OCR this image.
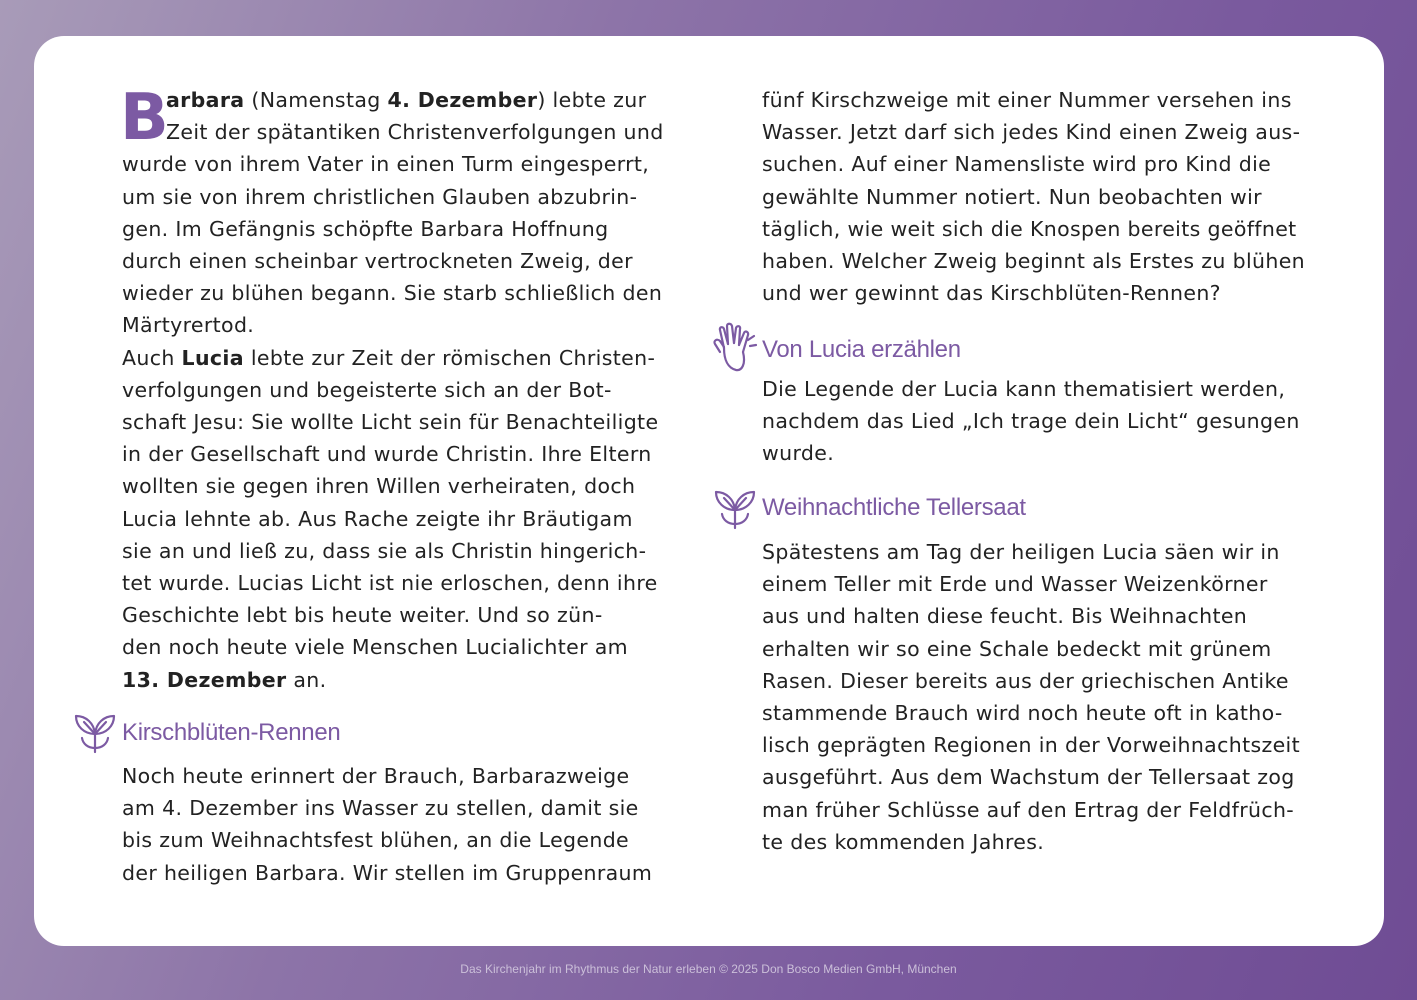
B

arbara (Namenstag 4. Dezember) lebte zur

Zeit der spätantiken Christenverfolgungen und

wurde von ihrem Vater in einen Turm eingesperrt,

um sie von ihrem christlichen Glauben abzubrin-

gen. Im Gefängnis schöpfte Barbara Hoffnung

durch einen scheinbar vertrockneten Zweig, der

wieder zu blühen begann. Sie starb schließlich den

Märtyrertod.

Auch Lucia lebte zur Zeit der römischen Christen-

verfolgungen und begeisterte sich an der Bot-

schaft Jesu: Sie wollte Licht sein für Benachteiligte

in der Gesellschaft und wurde Christin. Ihre Eltern

wollten sie gegen ihren Willen verheiraten, doch

Lucia lehnte ab. Aus Rache zeigte ihr Bräutigam

sie an und ließ zu, dass sie als Christin hingerich-

tet wurde. Lucias Licht ist nie erloschen, denn ihre

Geschichte lebt bis heute weiter. Und so zün-

den noch heute viele Menschen Lucialichter am

13. Dezember an.

Kirschblüten-Rennen

Noch heute erinnert der Brauch, Barbarazweige

am 4. Dezember ins Wasser zu stellen, damit sie

bis zum Weihnachtsfest blühen, an die Legende

der heiligen Barbara. Wir stellen im Gruppenraum

fünf Kirschzweige mit einer Nummer versehen ins

Wasser. Jetzt darf sich jedes Kind einen Zweig aus-

suchen. Auf einer Namensliste wird pro Kind die

gewählte Nummer notiert. Nun beobachten wir

täglich, wie weit sich die Knospen bereits geöffnet

haben. Welcher Zweig beginnt als Erstes zu blühen

und wer gewinnt das Kirschblüten-Rennen?

Von Lucia erzählen

Die Legende der Lucia kann thematisiert werden,

nachdem das Lied „Ich trage dein Licht“ gesungen

wurde.

Weihnachtliche Tellersaat

Spätestens am Tag der heiligen Lucia säen wir in

einem Teller mit Erde und Wasser Weizenkörner

aus und halten diese feucht. Bis Weihnachten

erhalten wir so eine Schale bedeckt mit grünem

Rasen. Dieser bereits aus der griechischen Antike

stammende Brauch wird noch heute oft in katho-

lisch geprägten Regionen in der Vorweihnachtszeit

ausgeführt. Aus dem Wachstum der Tellersaat zog

man früher Schlüsse auf den Ertrag der Feldfrüch-

te des kommenden Jahres.

Das Kirchenjahr im Rhythmus der Natur erleben © 2025 Don Bosco Medien GmbH, München
